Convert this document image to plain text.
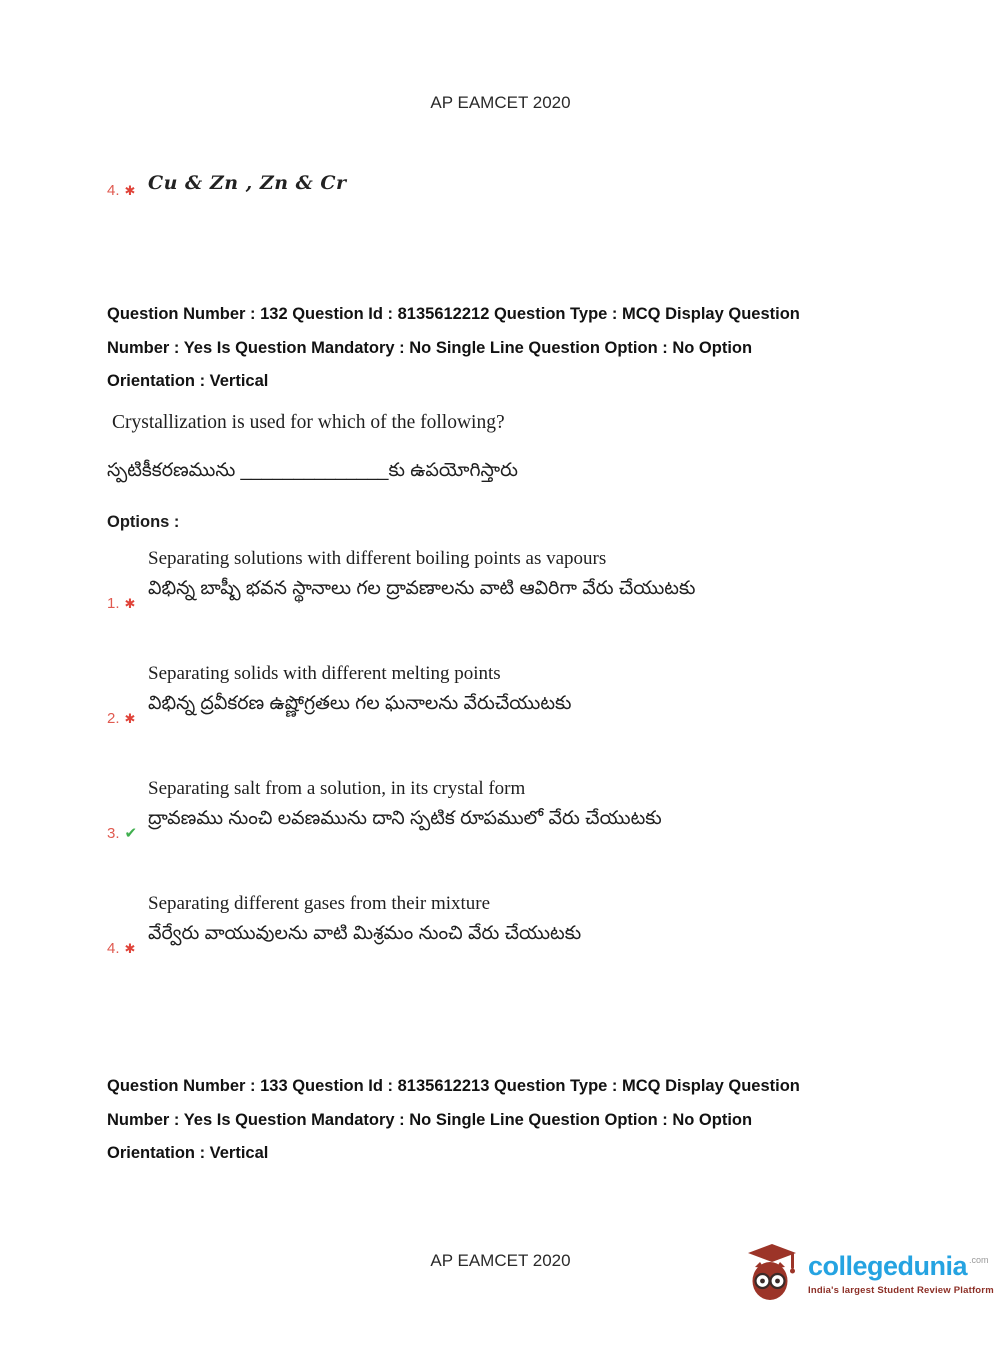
AP EAMCET 2020
4. ✱ Cu & Zn , Zn & Cr
Question Number : 132 Question Id : 8135612212 Question Type : MCQ Display Question
Number : Yes Is Question Mandatory : No Single Line Question Option : No Option
Orientation : Vertical
Crystallization is used for which of the following?
స్పటికీకరణమును ______________కు ఉపయోగిస్తారు
Options :
1. ✱
Separating solutions with different boiling points as vapours
విభిన్న బాష్పీ భవన స్థానాలు గల ద్రావణాలను వాటి ఆవిరిగా వేరు చేయుటకు
2. ✱
Separating solids with different melting points
విభిన్న ద్రవీకరణ ఉష్ణోగ్రతలు గల ఘనాలను వేరుచేయుటకు
3. ✔
Separating salt from a solution, in its crystal form
ద్రావణము నుంచి లవణమును దాని స్పటిక రూపములో వేరు చేయుటకు
4. ✱
Separating different gases from their mixture
వేర్వేరు వాయువులను వాటి మిశ్రమం నుంచి వేరు చేయుటకు
Question Number : 133 Question Id : 8135612213 Question Type : MCQ Display Question
Number : Yes Is Question Mandatory : No Single Line Question Option : No Option
Orientation : Vertical
AP EAMCET 2020	collegedunia .com
India's largest Student Review Platform
